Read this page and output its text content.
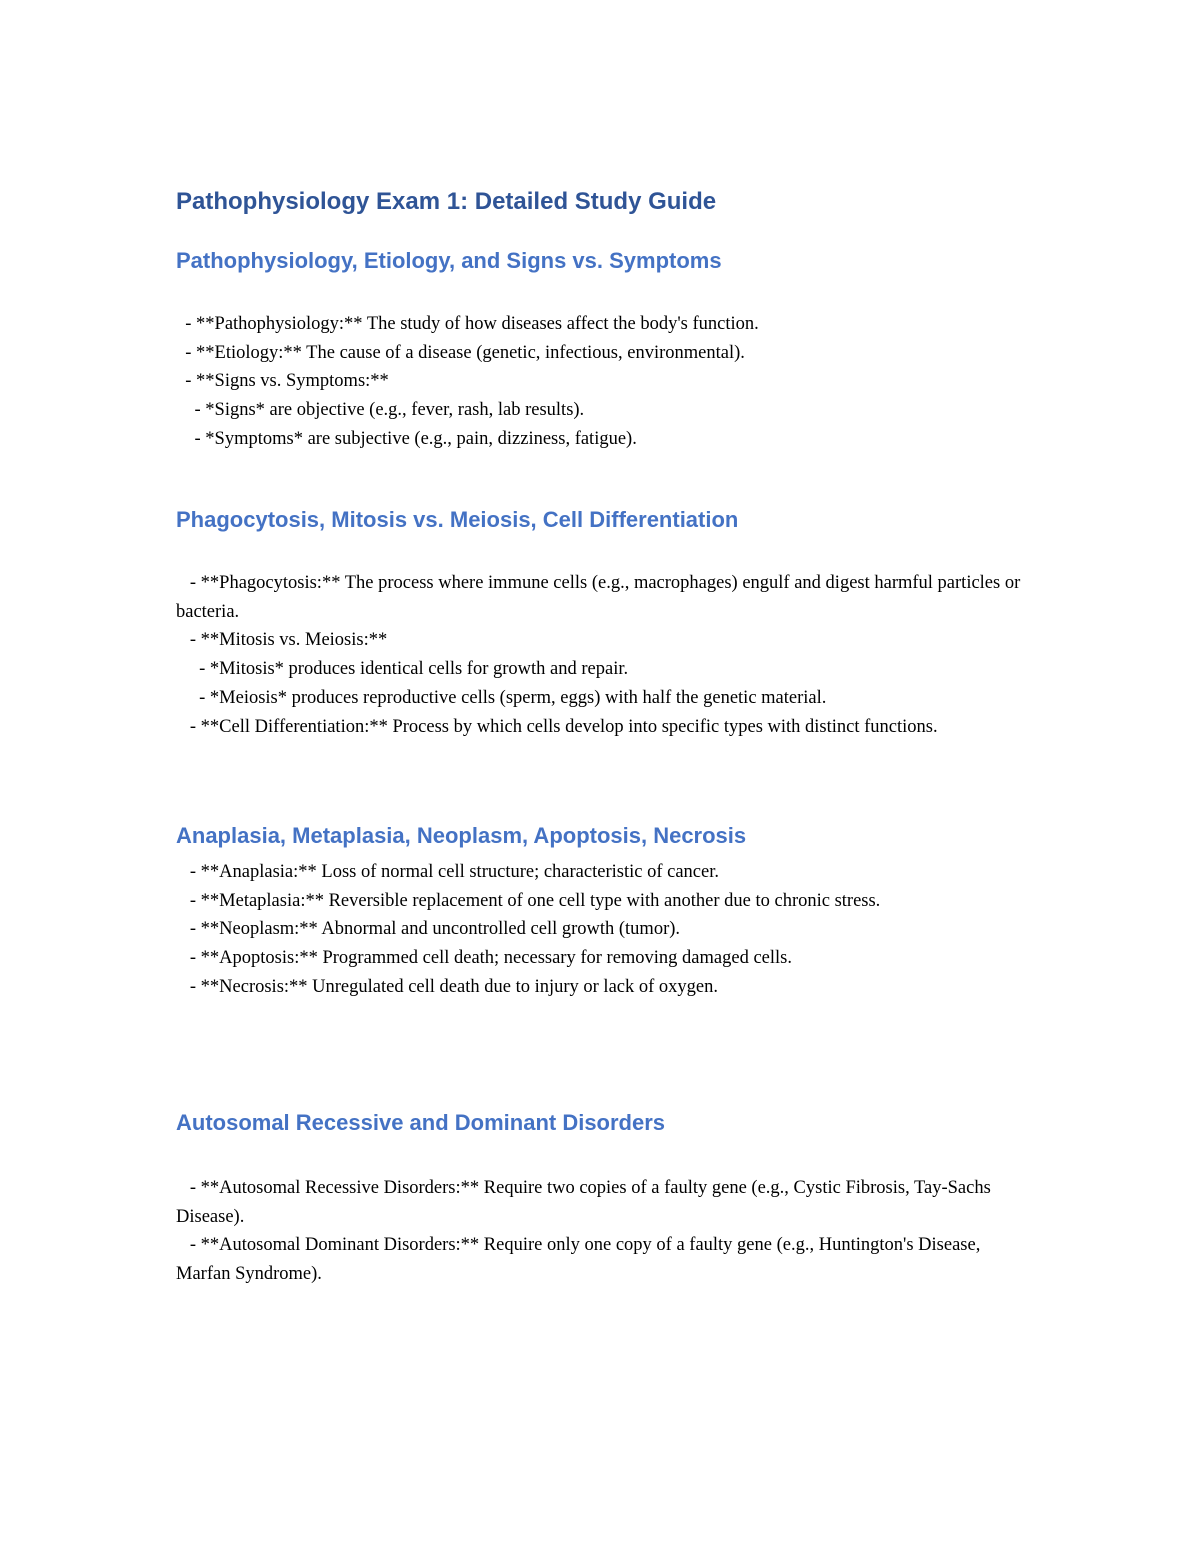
Pathophysiology Exam 1: Detailed Study Guide
Pathophysiology, Etiology, and Signs vs. Symptoms
- **Pathophysiology:** The study of how diseases affect the body's function.
- **Etiology:** The cause of a disease (genetic, infectious, environmental).
- **Signs vs. Symptoms:**
- *Signs* are objective (e.g., fever, rash, lab results).
- *Symptoms* are subjective (e.g., pain, dizziness, fatigue).
Phagocytosis, Mitosis vs. Meiosis, Cell Differentiation
- **Phagocytosis:** The process where immune cells (e.g., macrophages) engulf and digest harmful particles or bacteria.
- **Mitosis vs. Meiosis:**
- *Mitosis* produces identical cells for growth and repair.
- *Meiosis* produces reproductive cells (sperm, eggs) with half the genetic material.
- **Cell Differentiation:** Process by which cells develop into specific types with distinct functions.
Anaplasia, Metaplasia, Neoplasm, Apoptosis, Necrosis
- **Anaplasia:** Loss of normal cell structure; characteristic of cancer.
- **Metaplasia:** Reversible replacement of one cell type with another due to chronic stress.
- **Neoplasm:** Abnormal and uncontrolled cell growth (tumor).
- **Apoptosis:** Programmed cell death; necessary for removing damaged cells.
- **Necrosis:** Unregulated cell death due to injury or lack of oxygen.
Autosomal Recessive and Dominant Disorders
- **Autosomal Recessive Disorders:** Require two copies of a faulty gene (e.g., Cystic Fibrosis, Tay-Sachs Disease).
- **Autosomal Dominant Disorders:** Require only one copy of a faulty gene (e.g., Huntington's Disease, Marfan Syndrome).
